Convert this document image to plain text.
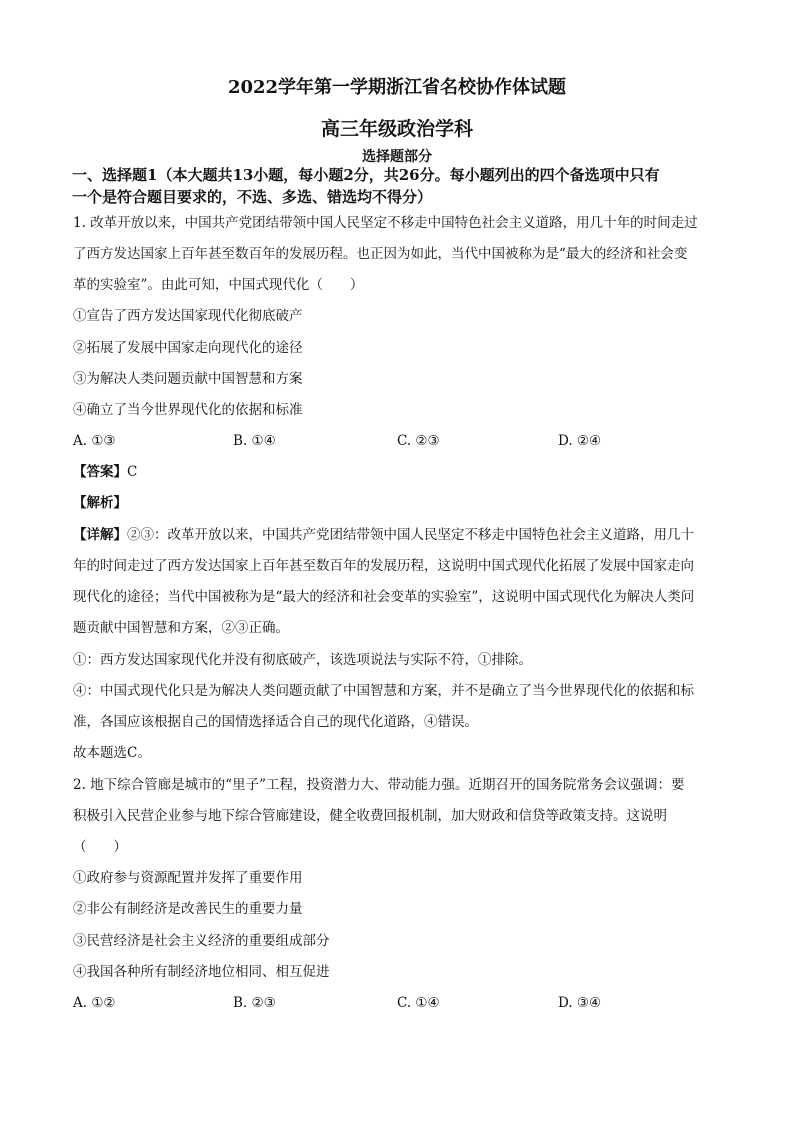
2022学年第一学期浙江省名校协作体试题
高三年级政治学科
选择题部分
一、选择题1（本大题共13小题，每小题2分，共26分。每小题列出的四个备选项中只有
一个是符合题目要求的，不选、多选、错选均不得分）
1. 改革开放以来，中国共产党团结带领中国人民坚定不移走中国特色社会主义道路，用几十年的时间走过
了西方发达国家上百年甚至数百年的发展历程。也正因为如此，当代中国被称为是“最大的经济和社会变
革的实验室”。由此可知，中国式现代化（　　）
①宣告了西方发达国家现代化彻底破产
②拓展了发展中国家走向现代化的途径
③为解决人类问题贡献中国智慧和方案
④确立了当今世界现代化的依据和标准
A. ①③	B. ①④	C. ②③	D. ②④
【答案】C
【解析】
【详解】②③：改革开放以来，中国共产党团结带领中国人民坚定不移走中国特色社会主义道路，用几十
年的时间走过了西方发达国家上百年甚至数百年的发展历程，这说明中国式现代化拓展了发展中国家走向
现代化的途径；当代中国被称为是“最大的经济和社会变革的实验室”，这说明中国式现代化为解决人类问
题贡献中国智慧和方案，②③正确。
①：西方发达国家现代化并没有彻底破产，该选项说法与实际不符，①排除。
④：中国式现代化只是为解决人类问题贡献了中国智慧和方案，并不是确立了当今世界现代化的依据和标
准，各国应该根据自己的国情选择适合自己的现代化道路，④错误。
故本题选C。
2. 地下综合管廊是城市的“里子”工程，投资潜力大、带动能力强。近期召开的国务院常务会议强调：要
积极引入民营企业参与地下综合管廊建设，健全收费回报机制，加大财政和信贷等政策支持。这说明
（　　）
①政府参与资源配置并发挥了重要作用
②非公有制经济是改善民生的重要力量
③民营经济是社会主义经济的重要组成部分
④我国各种所有制经济地位相同、相互促进
A. ①②	B. ②③	C. ①④	D. ③④
